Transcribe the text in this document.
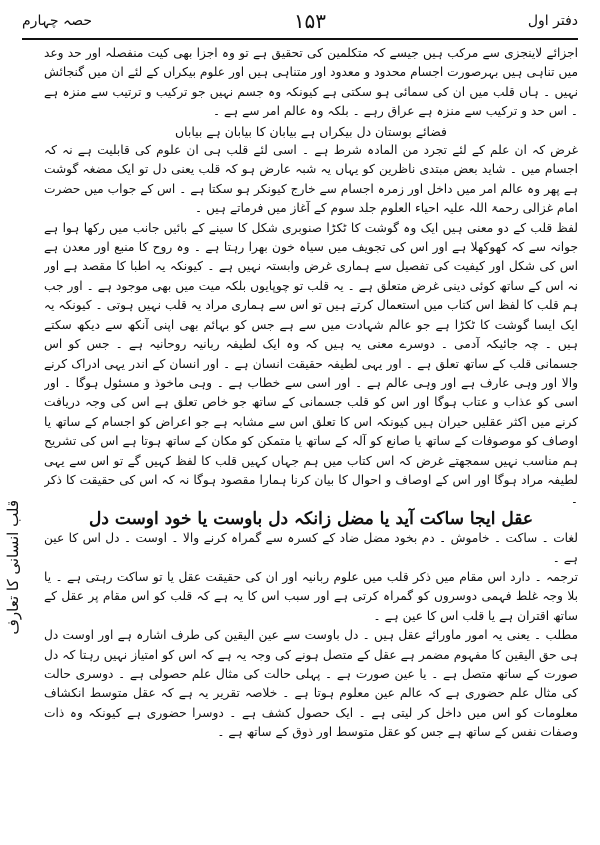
دفتر اول
۱۵۳
حصہ چہارم

اجزائے لاینجزی سے مرکب ہیں جیسے کہ متکلمین کی تحقیق ہے تو وہ اجزا بھی کیت منفصلہ اور حد وعد میں تناہی ہیں بہرصورت اجسام محدود و معدود اور متناہی ہیں اور علوم بیکراں کے لئے ان میں گنجائش نہیں ۔ ہاں قلب میں ان کی سمائی ہو سکتی ہے کیونکہ وہ جسم نہیں جو ترکیب و ترتیب سے منزہ ہے ۔ اس حد و ترکیب سے منزہ ہے عراق رہے ۔ بلکہ وہ عالم امر سے ہے ۔

فضائے بوستان دل بیکراں ہے بیابان کا بیابان ہے بیاباں

غرض کہ ان علم کے لئے تجرد من المادہ شرط ہے ۔ اسی لئے قلب ہی ان علوم کی قابلیت ہے نہ کہ اجسام میں ۔ شاید بعض مبتدی ناظرین کو یہاں یہ شبہ عارض ہو کہ قلب یعنی دل تو ایک مضغہ گوشت ہے پھر وہ عالم امر میں داخل اور زمرہ اجسام سے خارج کیونکر ہو سکتا ہے ۔ اس کے جواب میں حضرت امام غزالی رحمۃ اللہ علیہ احیاء العلوم جلد سوم کے آغاز میں فرماتے ہیں ۔

لفظ قلب کے دو معنی ہیں ایک وہ گوشت کا ٹکڑا صنوبری شکل کا سینے کے بائیں جانب میں رکھا ہوا ہے جوانہ سے کہ کھوکھلا ہے اور اس کی تجویف میں سیاہ خون بھرا رہتا ہے ۔ وہ روح کا منبع اور معدن ہے اس کی شکل اور کیفیت کی تفصیل سے ہماری غرض وابستہ نہیں ہے ۔ کیونکہ یہ اطبا کا مقصد ہے اور نہ اس کے ساتھ کوئی دینی غرض متعلق ہے ۔ یہ قلب تو چوپایوں بلکہ میت میں بھی موجود ہے ۔ اور جب ہم قلب کا لفظ اس کتاب میں استعمال کرتے ہیں تو اس سے ہماری مراد یہ قلب نہیں ہوتی ۔ کیونکہ یہ ایک ایسا گوشت کا ٹکڑا ہے جو عالم شہادت میں سے ہے جس کو بہائم بھی اپنی آنکھ سے دیکھ سکتے ہیں ۔ چہ جائیکہ آدمی ۔ دوسرے معنی یہ ہیں کہ وہ ایک لطیفہ ربانیہ روحانیہ ہے ۔ جس کو اس جسمانی قلب کے ساتھ تعلق ہے ۔ اور یہی لطیفہ حقیقت انسان ہے ۔ اور انسان کے اندر یہی ادراک کرنے والا اور وہی عارف ہے اور وہی عالم ہے ۔ اور اسی سے خطاب ہے ۔ وہی ماخوذ و مسئول ہوگا ۔ اور اسی کو عذاب و عتاب ہوگا اور اس کو قلب جسمانی کے ساتھ جو خاص تعلق ہے اس کی وجہ دریافت کرنے میں اکثر عقلیں حیران ہیں کیونکہ اس کا تعلق اس سے مشابہ ہے جو اعراض کو اجسام کے ساتھ یا اوصاف کو موصوفات کے ساتھ یا صانع کو آلہ کے ساتھ یا متمکن کو مکان کے ساتھ ہوتا ہے اس کی تشریح ہم مناسب نہیں سمجھتے غرض کہ اس کتاب میں ہم جہاں کہیں قلب کا لفظ کہیں گے تو اس سے یہی لطیفہ مراد ہوگا اور اس کے اوصاف و احوال کا بیان کرنا ہمارا مقصود ہوگا نہ کہ اس کی حقیقت کا ذکر ۔

عقل ایجا ساکت آید یا مضل زانکہ دل باوست یا خود اوست دل

لغات ۔ ساکت ۔ خاموش ۔ دم بخود مضل ضاد کے کسرہ سے گمراہ کرنے والا ۔ اوست ۔ دل اس کا عین ہے ۔

ترجمہ ۔ دارد اس مقام میں ذکر قلب میں علوم ربانیہ اور ان کی حقیقت عقل یا تو ساکت رہتی ہے ۔ یا بلا وجہ غلط فہمی دوسروں کو گمراہ کرتی ہے اور سبب اس کا یہ ہے کہ قلب کو اس مقام پر عقل کے ساتھ اقتران ہے یا قلب اس کا عین ہے ۔

مطلب ۔ یعنی یہ امور ماورائے عقل ہیں ۔ دل باوست سے عین الیقین کی طرف اشارہ ہے اور اوست دل ہی حق الیقین کا مفہوم مضمر ہے عقل کے متصل ہونے کی وجہ یہ ہے کہ اس کو امتیاز نہیں رہتا کہ دل صورت کے ساتھ متصل ہے ۔ یا عین صورت ہے ۔ پہلی حالت کی مثال علم حصولی ہے ۔ دوسری حالت کی مثال علم حضوری ہے کہ عالم عین معلوم ہوتا ہے ۔ خلاصہ تقریر یہ ہے کہ عقل متوسط انکشاف معلومات کو اس میں داخل کر لیتی ہے ۔ ایک حصول کشف ہے ۔ دوسرا حضوری ہے کیونکہ وہ ذات وصفات نفس کے ساتھ ہے جس کو عقل متوسط اور ذوق کے ساتھ ہے ۔

قلب انسانی کا تعارف
